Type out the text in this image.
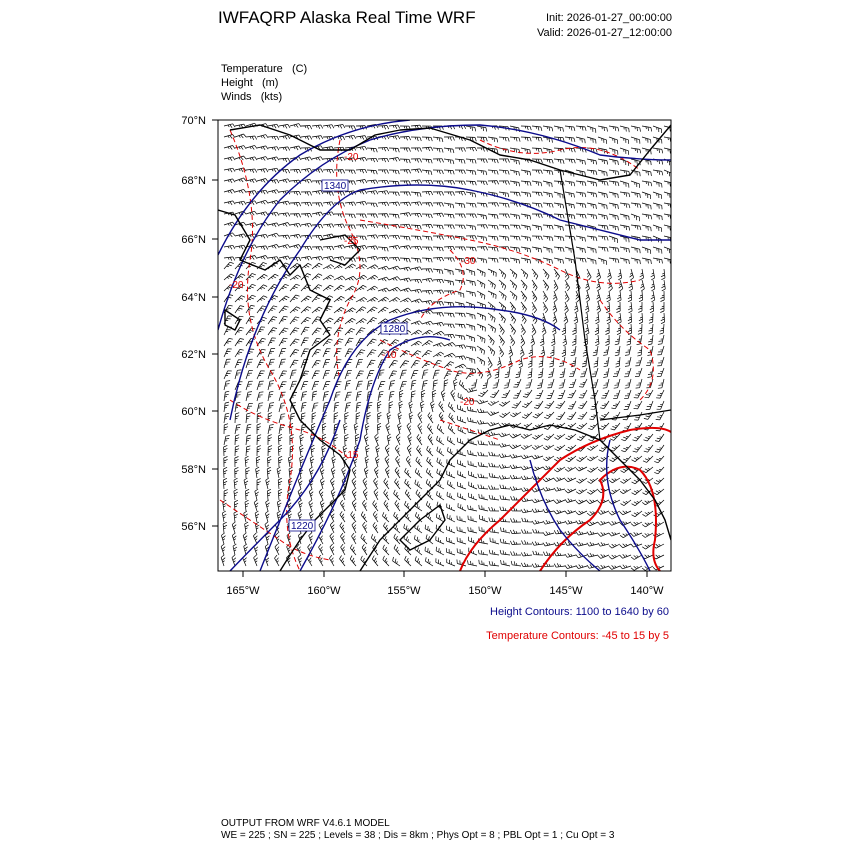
IWFAQRP Alaska Real Time WRF	Init: 2026-01-27_00:00:00
Valid: 2026-01-27_12:00:00
Temperature (C)
Height (m)
Winds (kts)
1340
1280
1220
-20
-25
-30
-20
-10
-20
-15
70°N
68°N
66°N
64°N
62°N
60°N
58°N
56°N
165°W	160°W	155°W	150°W	145°W	140°W
Height Contours: 1100 to 1640 by 60
Temperature Contours: -45 to 15 by 5
OUTPUT FROM WRF V4.6.1 MODEL
WE = 225 ; SN = 225 ; Levels = 38 ; Dis = 8km ; Phys Opt = 8 ; PBL Opt = 1 ; Cu Opt = 3
